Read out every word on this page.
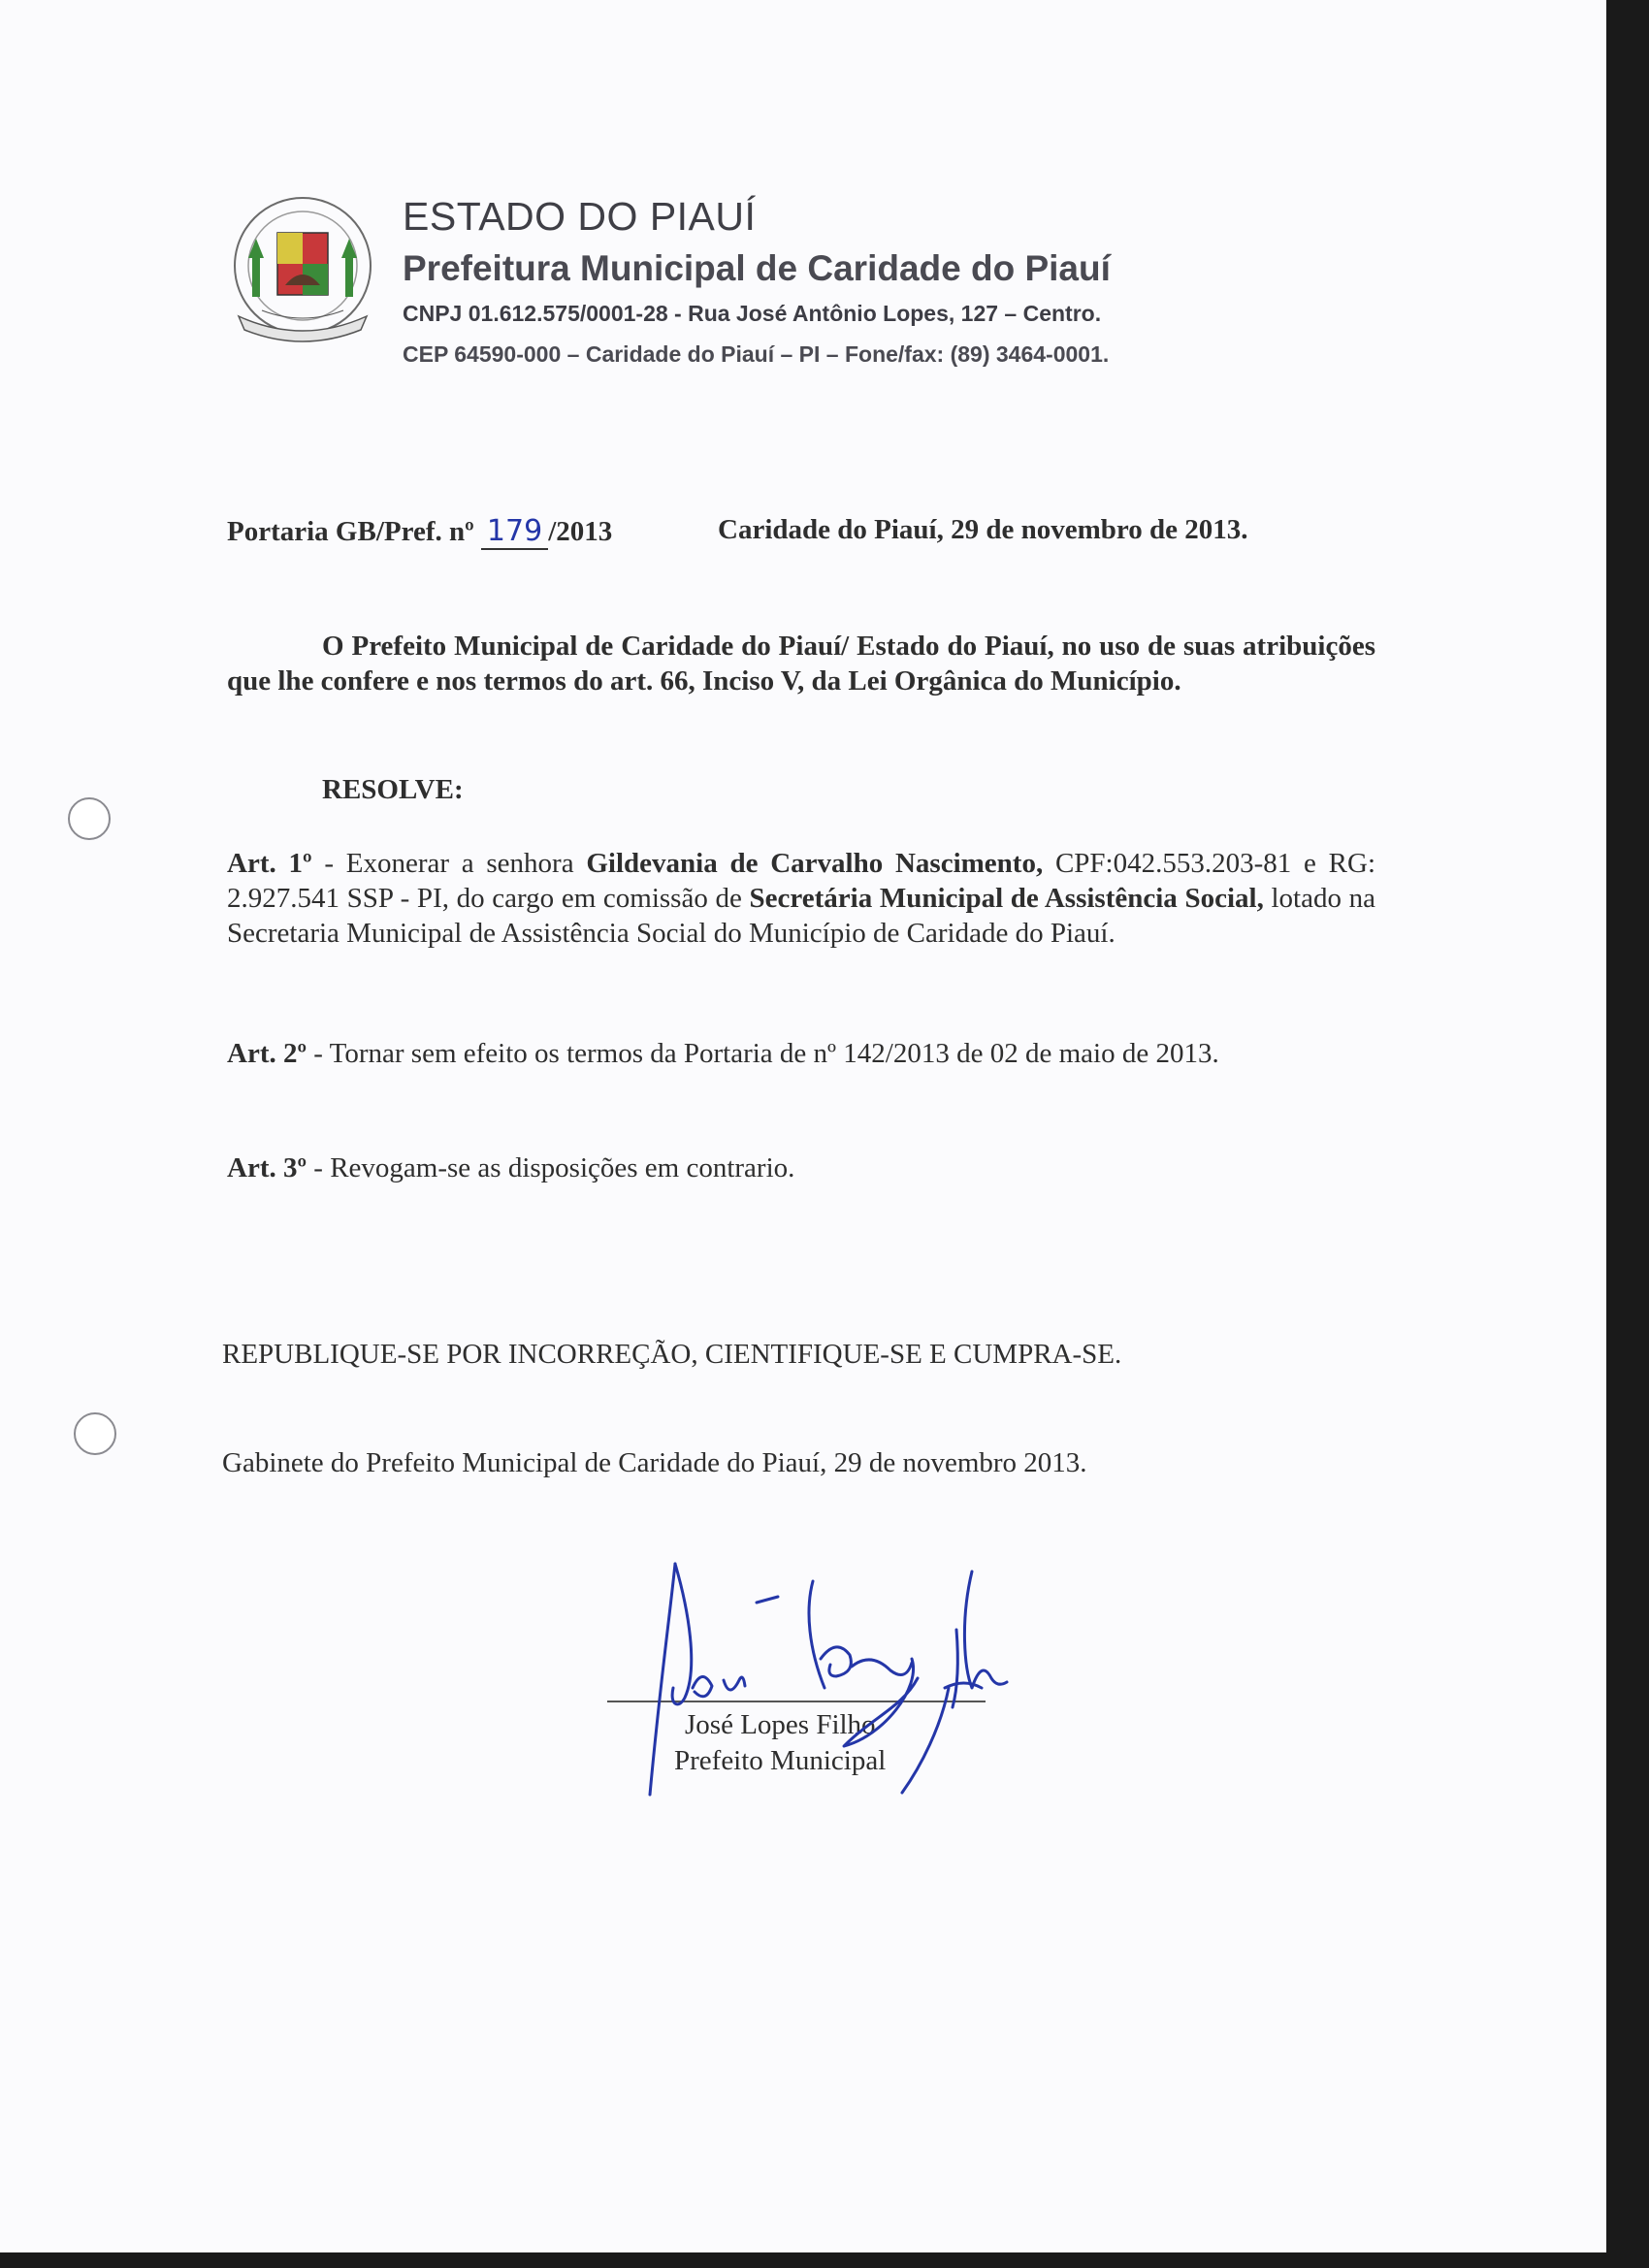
ESTADO DO PIAUÍ
Prefeitura Municipal de Caridade do Piauí
CNPJ 01.612.575/0001-28 - Rua José Antônio Lopes, 127 – Centro.
CEP 64590-000 – Caridade do Piauí – PI – Fone/fax: (89) 3464-0001.
Portaria GB/Pref. nº 179 /2013	Caridade do Piauí, 29 de novembro de 2013.
O Prefeito Municipal de Caridade do Piauí/ Estado do Piauí, no uso de suas atribuições que lhe confere e nos termos do art. 66, Inciso V, da Lei Orgânica do Município.
RESOLVE:
Art. 1º - Exonerar a senhora Gildevania de Carvalho Nascimento, CPF:042.553.203-81 e RG: 2.927.541 SSP - PI, do cargo em comissão de Secretária Municipal de Assistência Social, lotado na Secretaria Municipal de Assistência Social do Município de Caridade do Piauí.
Art. 2º - Tornar sem efeito os termos da Portaria de nº 142/2013 de 02 de maio de 2013.
Art. 3º - Revogam-se as disposições em contrario.
REPUBLIQUE-SE POR INCORREÇÃO, CIENTIFIQUE-SE E CUMPRA-SE.
Gabinete do Prefeito Municipal de Caridade do Piauí, 29 de novembro 2013.
José Lopes Filho
Prefeito Municipal
